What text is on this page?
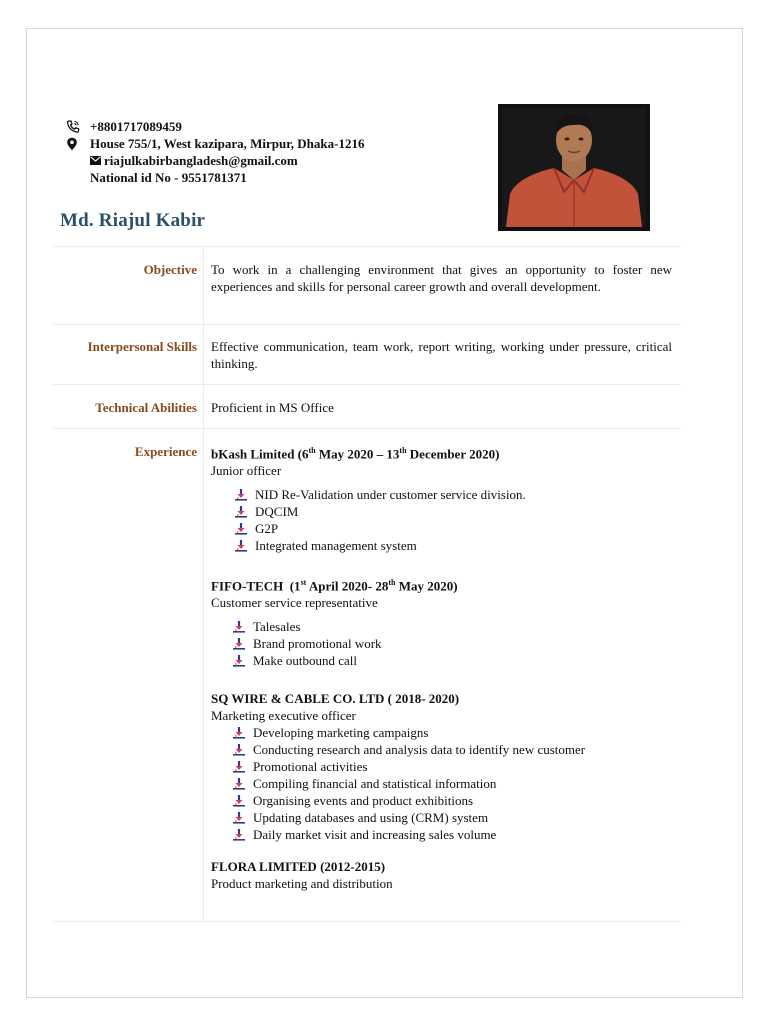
+8801717089459
House 755/1, West kazipara, Mirpur, Dhaka-1216
riajulkabirbangladesh@gmail.com
National id No - 9551781371
Md. Riajul Kabir
Objective To work in a challenging environment that gives an opportunity to foster new experiences and skills for personal career growth and overall development.
Interpersonal Skills Effective communication, team work, report writing, working under pressure, critical thinking.
Technical Abilities Proficient in MS Office
Experience bKash Limited (6th May 2020 – 13th December 2020)
Junior officer
NID Re-Validation under customer service division.
DQCIM
G2P
Integrated management system
FIFO-TECH  (1st April 2020- 28th May 2020)
Customer service representative
Talesales
Brand promotional work
Make outbound call
SQ WIRE & CABLE CO. LTD ( 2018- 2020)
Marketing executive officer
Developing marketing campaigns
Conducting research and analysis data to identify new customer
Promotional activities
Compiling financial and statistical information
Organising events and product exhibitions
Updating databases and using (CRM) system
Daily market visit and increasing sales volume
FLORA LIMITED (2012-2015)
Product marketing and distribution
